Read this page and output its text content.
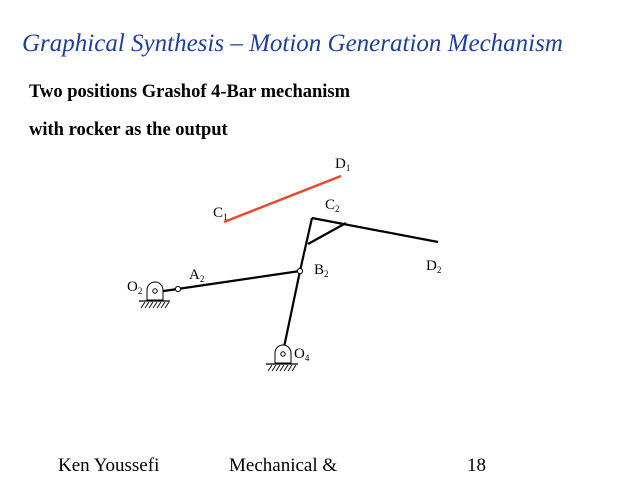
Graphical Synthesis – Motion Generation Mechanism
Two positions Grashof 4-Bar mechanism
with rocker as the output
$D_1$
$C_1$
$C_2$
$D_2$
$A_2$
$O_2$
$B_2$
$O_4$
Ken Youssefi	Mechanical &	18
